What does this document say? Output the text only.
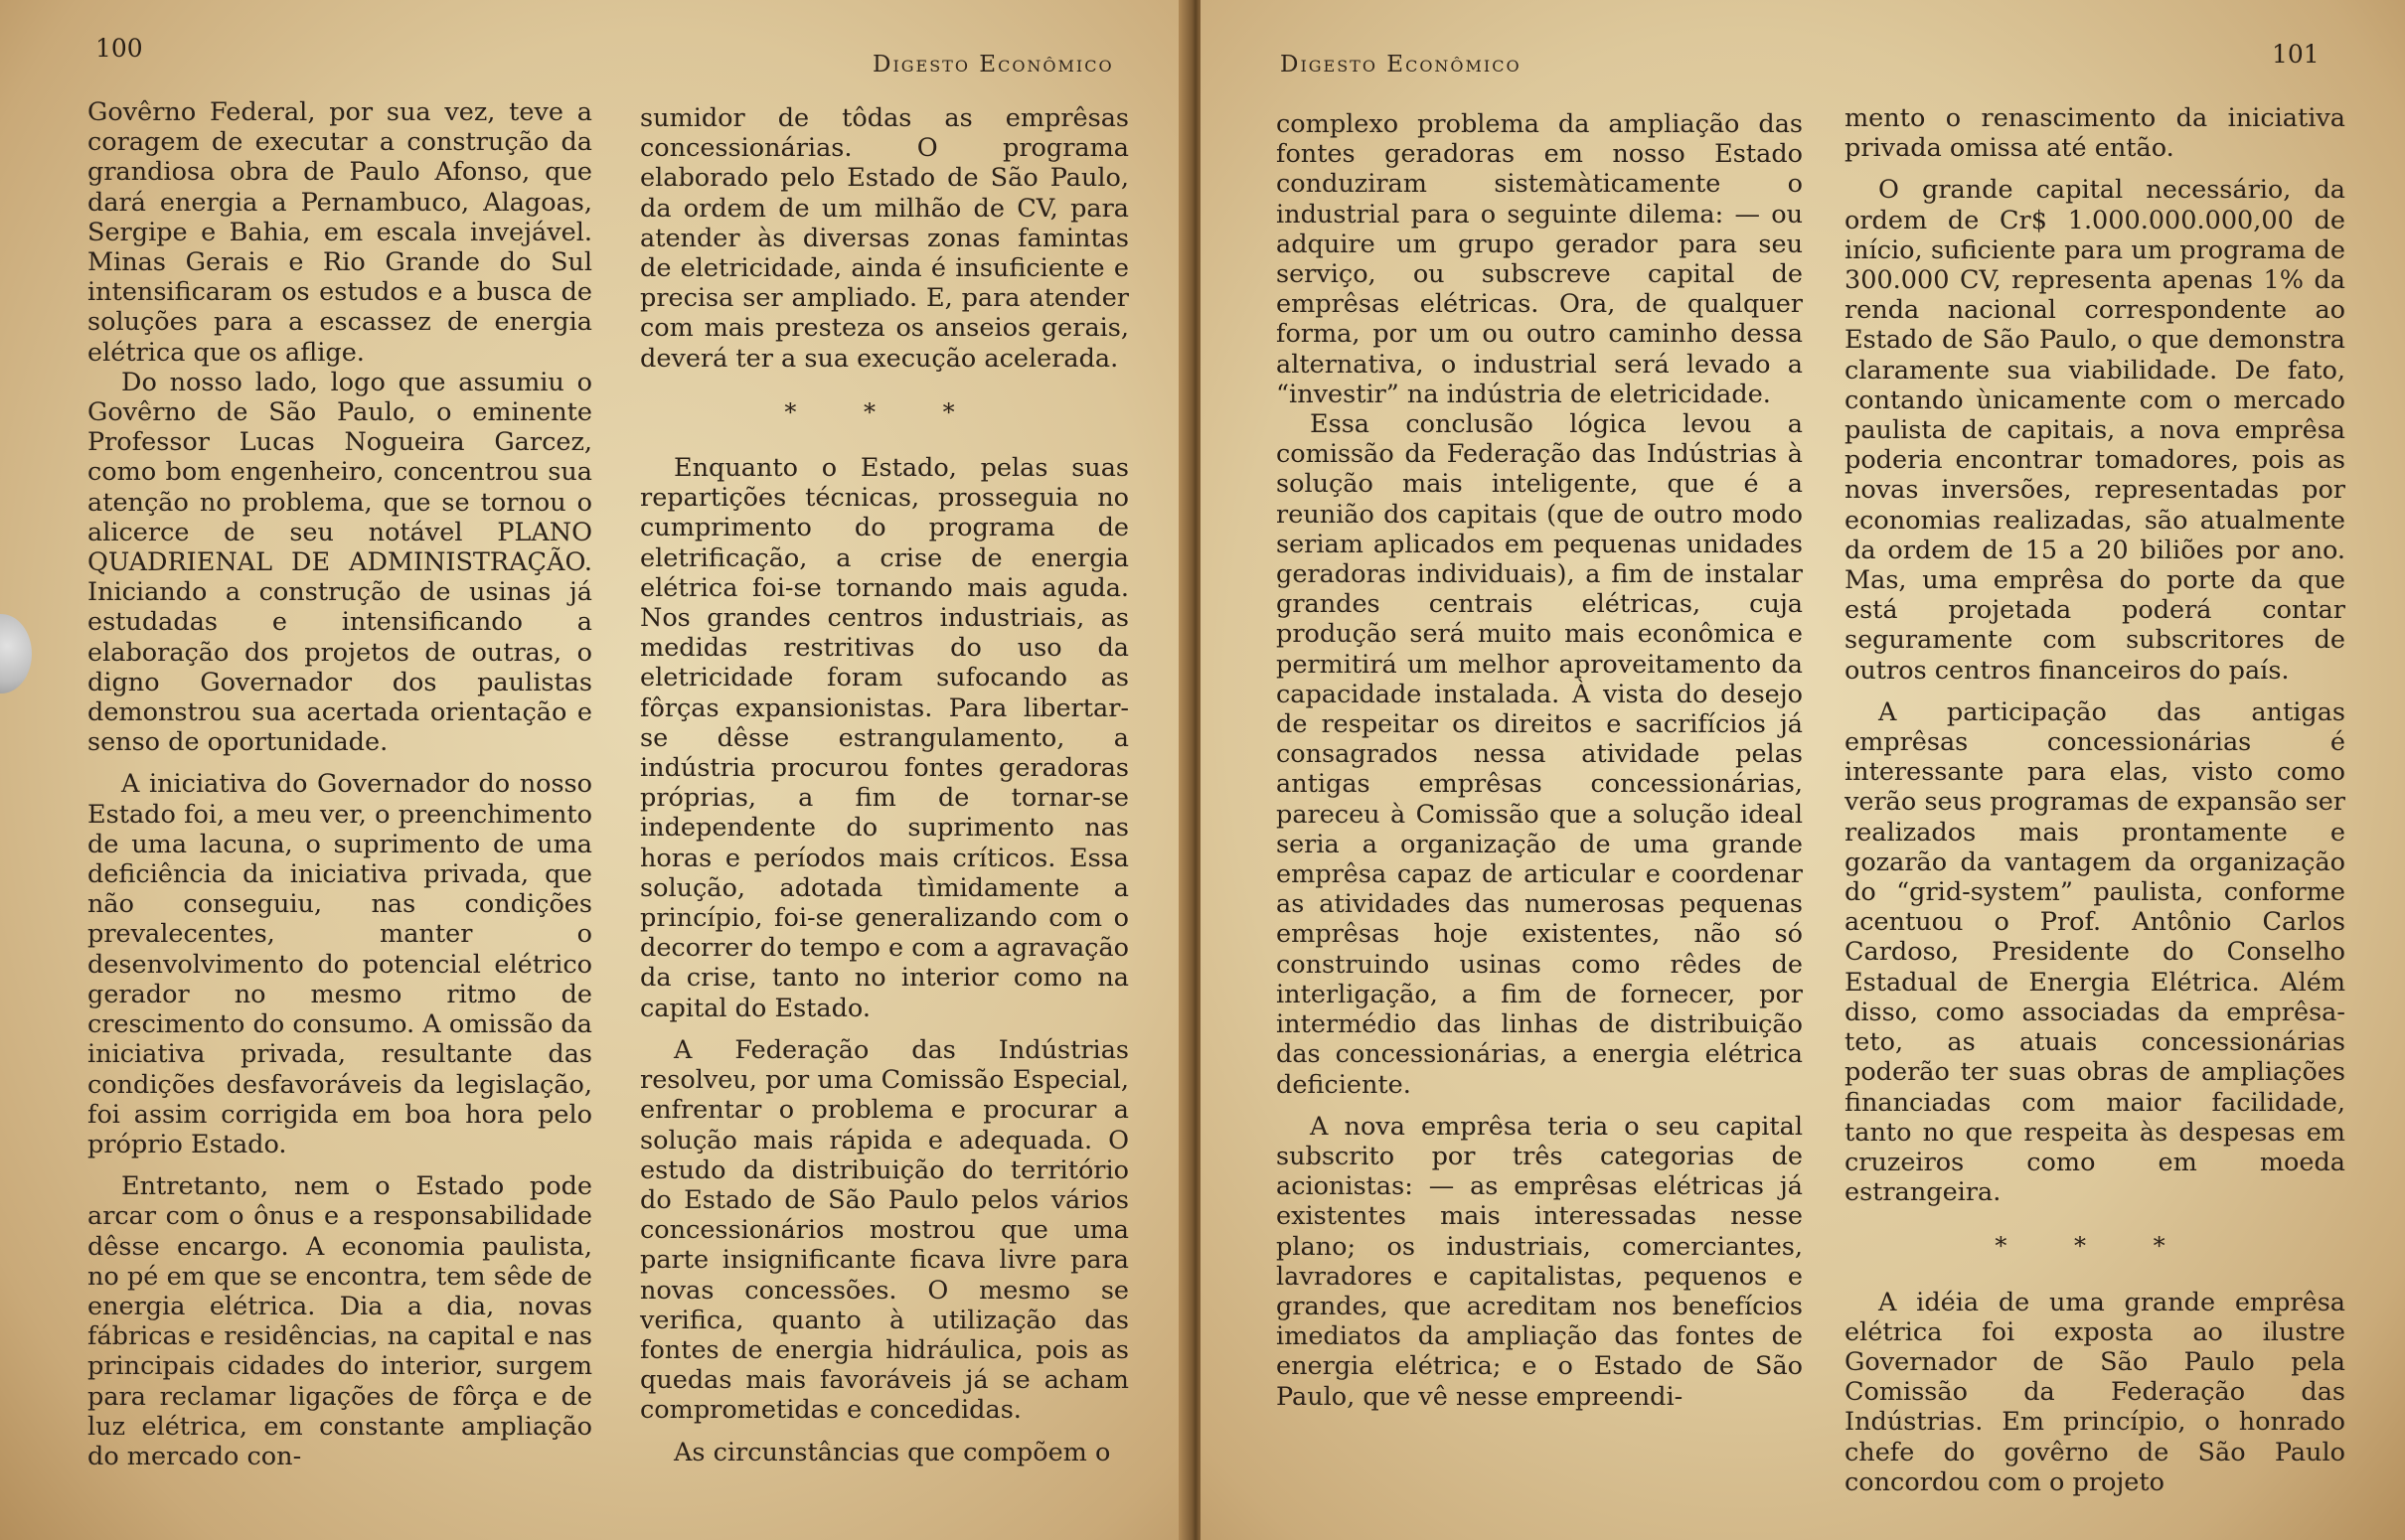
100
Digesto Econômico

Govêrno Federal, por sua vez, teve a coragem de executar a construção da grandiosa obra de Paulo Afonso, que dará energia a Pernambuco, Alagoas, Sergipe e Bahia, em escala invejável. Minas Gerais e Rio Grande do Sul intensificaram os estudos e a busca de soluções para a escassez de energia elétrica que os aflige.

Do nosso lado, logo que assumiu o Govêrno de São Paulo, o eminente Professor Lucas Nogueira Garcez, como bom engenheiro, concentrou sua atenção no problema, que se tornou o alicerce de seu notável PLANO QUADRIENAL DE ADMINISTRAÇÃO. Iniciando a construção de usinas já estudadas e intensificando a elaboração dos projetos de outras, o digno Governador dos paulistas demonstrou sua acertada orientação e senso de oportunidade.

A iniciativa do Governador do nosso Estado foi, a meu ver, o preenchimento de uma lacuna, o suprimento de uma deficiência da iniciativa privada, que não conseguiu, nas condições prevalecentes, manter o desenvolvimento do potencial elétrico gerador no mesmo ritmo de crescimento do consumo. A omissão da iniciativa privada, resultante das condições desfavoráveis da legislação, foi assim corrigida em boa hora pelo próprio Estado.

Entretanto, nem o Estado pode arcar com o ônus e a responsabilidade dêsse encargo. A economia paulista, no pé em que se encontra, tem sêde de energia elétrica. Dia a dia, novas fábricas e residências, na capital e nas principais cidades do interior, surgem para reclamar ligações de fôrça e de luz elétrica, em constante ampliação do mercado con-

sumidor de tôdas as emprêsas concessionárias. O programa elaborado pelo Estado de São Paulo, da ordem de um milhão de CV, para atender às diversas zonas famintas de eletricidade, ainda é insuficiente e precisa ser ampliado. E, para atender com mais presteza os anseios gerais, deverá ter a sua execução acelerada.

* * *

Enquanto o Estado, pelas suas repartições técnicas, prosseguia no cumprimento do programa de eletrificação, a crise de energia elétrica foi-se tornando mais aguda. Nos grandes centros industriais, as medidas restritivas do uso da eletricidade foram sufocando as fôrças expansionistas. Para libertar-se dêsse estrangulamento, a indústria procurou fontes geradoras próprias, a fim de tornar-se independente do suprimento nas horas e períodos mais críticos. Essa solução, adotada tìmidamente a princípio, foi-se generalizando com o decorrer do tempo e com a agravação da crise, tanto no interior como na capital do Estado.

A Federação das Indústrias resolveu, por uma Comissão Especial, enfrentar o problema e procurar a solução mais rápida e adequada. O estudo da distribuição do território do Estado de São Paulo pelos vários concessionários mostrou que uma parte insignificante ficava livre para novas concessões. O mesmo se verifica, quanto à utilização das fontes de energia hidráulica, pois as quedas mais favoráveis já se acham comprometidas e concedidas.

As circunstâncias que compõem o

Digesto Econômico	101

complexo problema da ampliação das fontes geradoras em nosso Estado conduziram sistemàticamente o industrial para o seguinte dilema: — ou adquire um grupo gerador para seu serviço, ou subscreve capital de emprêsas elétricas. Ora, de qualquer forma, por um ou outro caminho dessa alternativa, o industrial será levado a “investir” na indústria de eletricidade.

Essa conclusão lógica levou a comissão da Federação das Indústrias à solução mais inteligente, que é a reunião dos capitais (que de outro modo seriam aplicados em pequenas unidades geradoras individuais), a fim de instalar grandes centrais elétricas, cuja produção será muito mais econômica e permitirá um melhor aproveitamento da capacidade instalada. À vista do desejo de respeitar os direitos e sacrifícios já consagrados nessa atividade pelas antigas emprêsas concessionárias, pareceu à Comissão que a solução ideal seria a organização de uma grande emprêsa capaz de articular e coordenar as atividades das numerosas pequenas emprêsas hoje existentes, não só construindo usinas como rêdes de interligação, a fim de fornecer, por intermédio das linhas de distribuição das concessionárias, a energia elétrica deficiente.

A nova emprêsa teria o seu capital subscrito por três categorias de acionistas: — as emprêsas elétricas já existentes mais interessadas nesse plano; os industriais, comerciantes, lavradores e capitalistas, pequenos e grandes, que acreditam nos benefícios imediatos da ampliação das fontes de energia elétrica; e o Estado de São Paulo, que vê nesse empreendi-

mento o renascimento da iniciativa privada omissa até então.

O grande capital necessário, da ordem de Cr$ 1.000.000.000,00 de início, suficiente para um programa de 300.000 CV, representa apenas 1% da renda nacional correspondente ao Estado de São Paulo, o que demonstra claramente sua viabilidade. De fato, contando ùnicamente com o mercado paulista de capitais, a nova emprêsa poderia encontrar tomadores, pois as novas inversões, representadas por economias realizadas, são atualmente da ordem de 15 a 20 biliões por ano. Mas, uma emprêsa do porte da que está projetada poderá contar seguramente com subscritores de outros centros financeiros do país.

A participação das antigas emprêsas concessionárias é interessante para elas, visto como verão seus programas de expansão ser realizados mais prontamente e gozarão da vantagem da organização do “grid-system” paulista, conforme acentuou o Prof. Antônio Carlos Cardoso, Presidente do Conselho Estadual de Energia Elétrica. Além disso, como associadas da emprêsa-teto, as atuais concessionárias poderão ter suas obras de ampliações financiadas com maior facilidade, tanto no que respeita às despesas em cruzeiros como em moeda estrangeira.

* * *

A idéia de uma grande emprêsa elétrica foi exposta ao ilustre Governador de São Paulo pela Comissão da Federação das Indústrias. Em princípio, o honrado chefe do govêrno de São Paulo concordou com o projeto
